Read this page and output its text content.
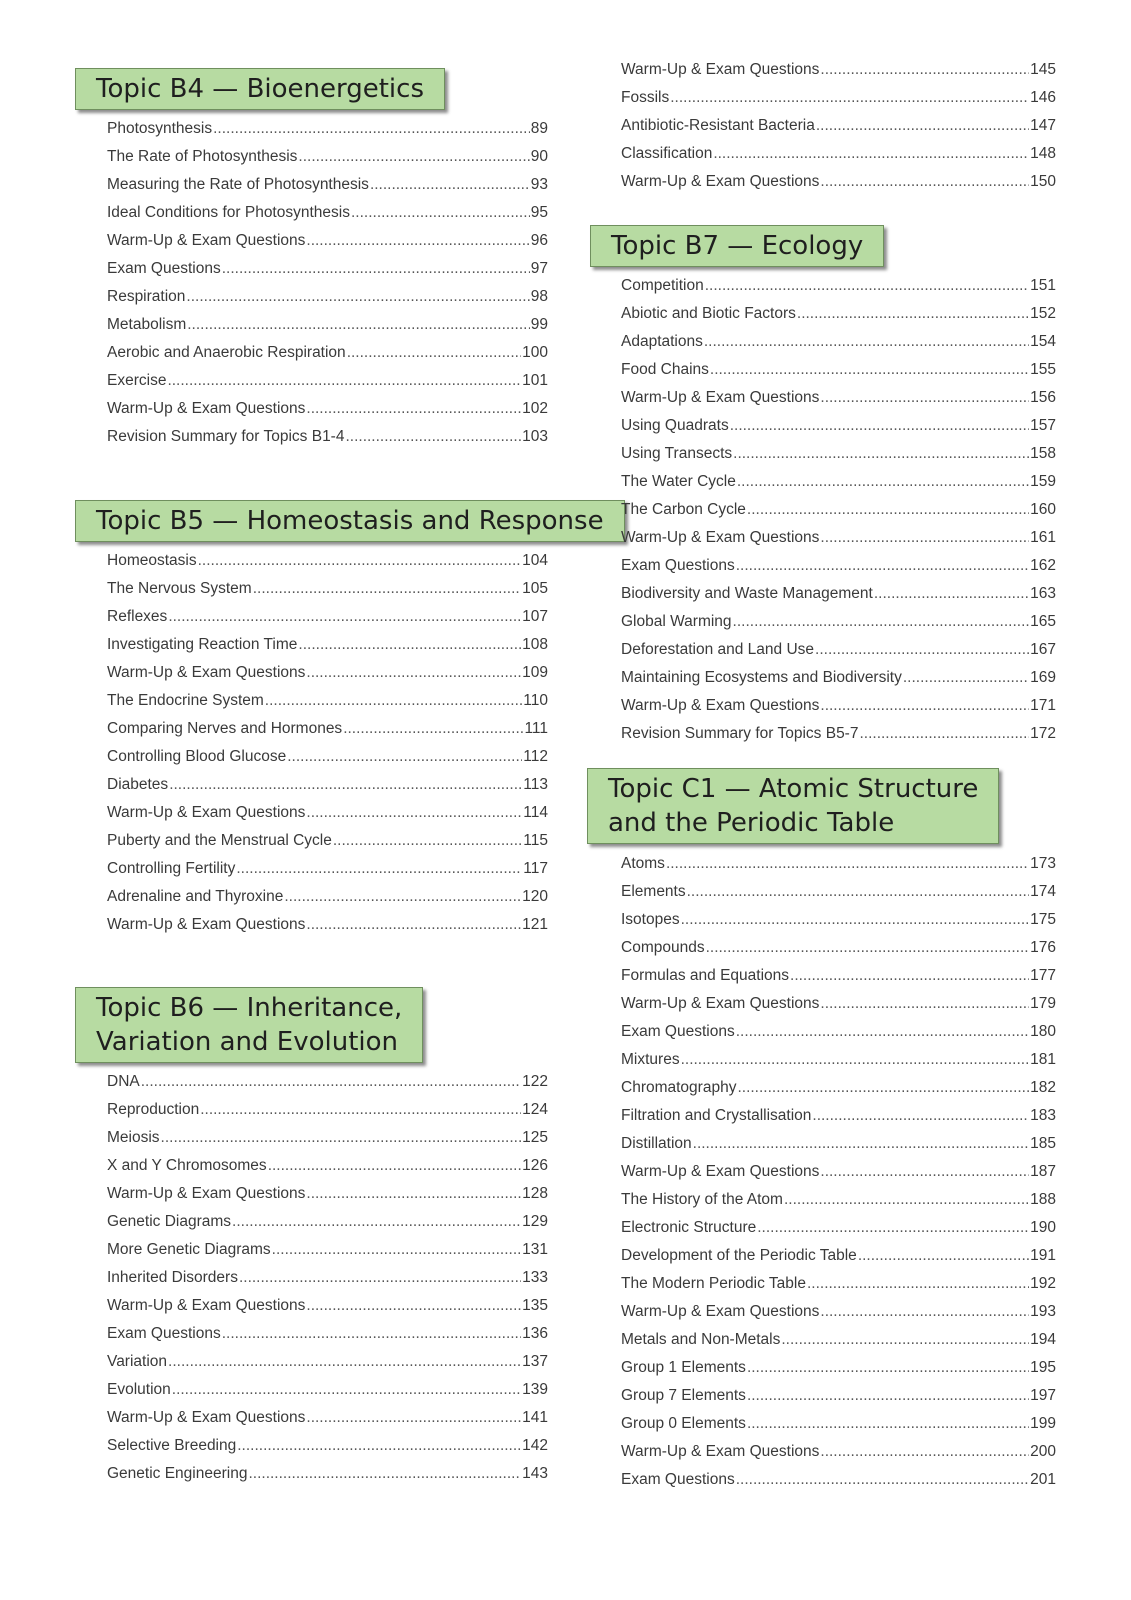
Topic B4 — Bioenergetics
Photosynthesis .....	89
The Rate of Photosynthesis .....	90
Measuring the Rate of Photosynthesis .....	93
Ideal Conditions for Photosynthesis .....	95
Warm-Up & Exam Questions .....	96
Exam Questions .....	97
Respiration .....	98
Metabolism .....	99
Aerobic and Anaerobic Respiration .....	100
Exercise .....	101
Warm-Up & Exam Questions .....	102
Revision Summary for Topics B1-4 .....	103
Topic B5 — Homeostasis and Response
Homeostasis .....	104
The Nervous System .....	105
Reflexes .....	107
Investigating Reaction Time .....	108
Warm-Up & Exam Questions .....	109
The Endocrine System .....	110
Comparing Nerves and Hormones .....	111
Controlling Blood Glucose .....	112
Diabetes .....	113
Warm-Up & Exam Questions .....	114
Puberty and the Menstrual Cycle .....	115
Controlling Fertility .....	117
Adrenaline and Thyroxine .....	120
Warm-Up & Exam Questions .....	121
Topic B6 — Inheritance,
Variation and Evolution
DNA .....	122
Reproduction .....	124
Meiosis .....	125
X and Y Chromosomes .....	126
Warm-Up & Exam Questions .....	128
Genetic Diagrams .....	129
More Genetic Diagrams .....	131
Inherited Disorders .....	133
Warm-Up & Exam Questions .....	135
Exam Questions .....	136
Variation .....	137
Evolution .....	139
Warm-Up & Exam Questions .....	141
Selective Breeding .....	142
Genetic Engineering .....	143
Warm-Up & Exam Questions .....	145
Fossils .....	146
Antibiotic-Resistant Bacteria .....	147
Classification .....	148
Warm-Up & Exam Questions .....	150
Topic B7 — Ecology
Competition .....	151
Abiotic and Biotic Factors .....	152
Adaptations .....	154
Food Chains .....	155
Warm-Up & Exam Questions .....	156
Using Quadrats .....	157
Using Transects .....	158
The Water Cycle .....	159
The Carbon Cycle .....	160
Warm-Up & Exam Questions .....	161
Exam Questions .....	162
Biodiversity and Waste Management .....	163
Global Warming .....	165
Deforestation and Land Use .....	167
Maintaining Ecosystems and Biodiversity .....	169
Warm-Up & Exam Questions .....	171
Revision Summary for Topics B5-7 .....	172
Topic C1 — Atomic Structure
and the Periodic Table
Atoms .....	173
Elements .....	174
Isotopes .....	175
Compounds .....	176
Formulas and Equations .....	177
Warm-Up & Exam Questions .....	179
Exam Questions .....	180
Mixtures .....	181
Chromatography .....	182
Filtration and Crystallisation .....	183
Distillation .....	185
Warm-Up & Exam Questions .....	187
The History of the Atom .....	188
Electronic Structure .....	190
Development of the Periodic Table .....	191
The Modern Periodic Table .....	192
Warm-Up & Exam Questions .....	193
Metals and Non-Metals .....	194
Group 1 Elements .....	195
Group 7 Elements .....	197
Group 0 Elements .....	199
Warm-Up & Exam Questions .....	200
Exam Questions .....	201
